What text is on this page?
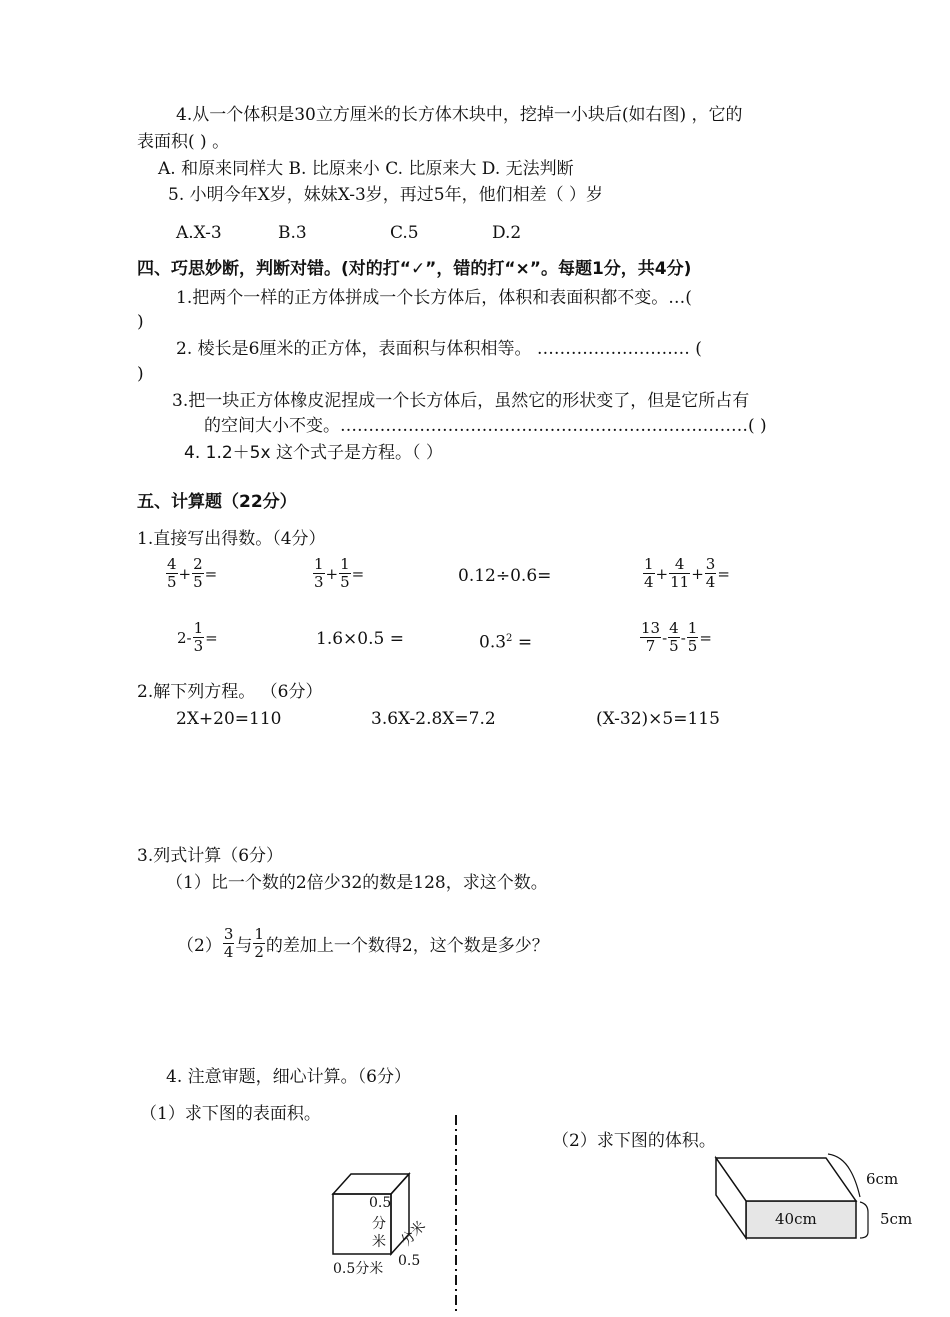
4.从一个体积是30立方厘米的长方体木块中，挖掉一小块后(如右图) ，它的
表面积( ) 。
A. 和原来同样大 B. 比原来小 C. 比原来大 D. 无法判断
5. 小明今年X岁，妹妹X-3岁，再过5年，他们相差（ ）岁
A.X-3	B.3	C.5	D.2
四、巧思妙断，判断对错。(对的打“✓”，错的打“×”。每题1分，共4分)
1.把两个一样的正方体拼成一个长方体后，体积和表面积都不变。…(
)
2. 棱长是6厘米的正方体，表面积与体积相等。 ……………………… (
)
3.把一块正方体橡皮泥捏成一个长方体后，虽然它的形状变了，但是它所占有
的空间大小不变。………………………………………………………………( )
4. 1.2＋5x 这个式子是方程。（ ）
五、计算题（22分）
1.直接写出得数。（4分）
$\frac{4}{5} + \frac{2}{5}$ =	$\frac{1}{3} + \frac{1}{5}$ =	0.12÷0.6=	$\frac{1}{4} + \frac{4}{11} + \frac{3}{4}$ =
$2- \frac{1}{3}$ =	1.6×0.5 =	$0.3^2$ =	$\frac{13}{7} - \frac{4}{5} - \frac{1}{5}$ =
2.解下列方程。 （6分）
2X+20=110	3.6X-2.8X=7.2	(X-32)×5=115
3.列式计算（6分）
（1）比一个数的2倍少32的数是128，求这个数。
$(2) \frac{3}{4}$ 与 $\frac{1}{2}$ 的差加上一个数得2，这个数是多少？
4. 注意审题，细心计算。（6分）
（1）求下图的表面积。
（2）求下图的体积。
0.5
分
米
0.5分米 0.5
分米	40cm
6cm
5cm
